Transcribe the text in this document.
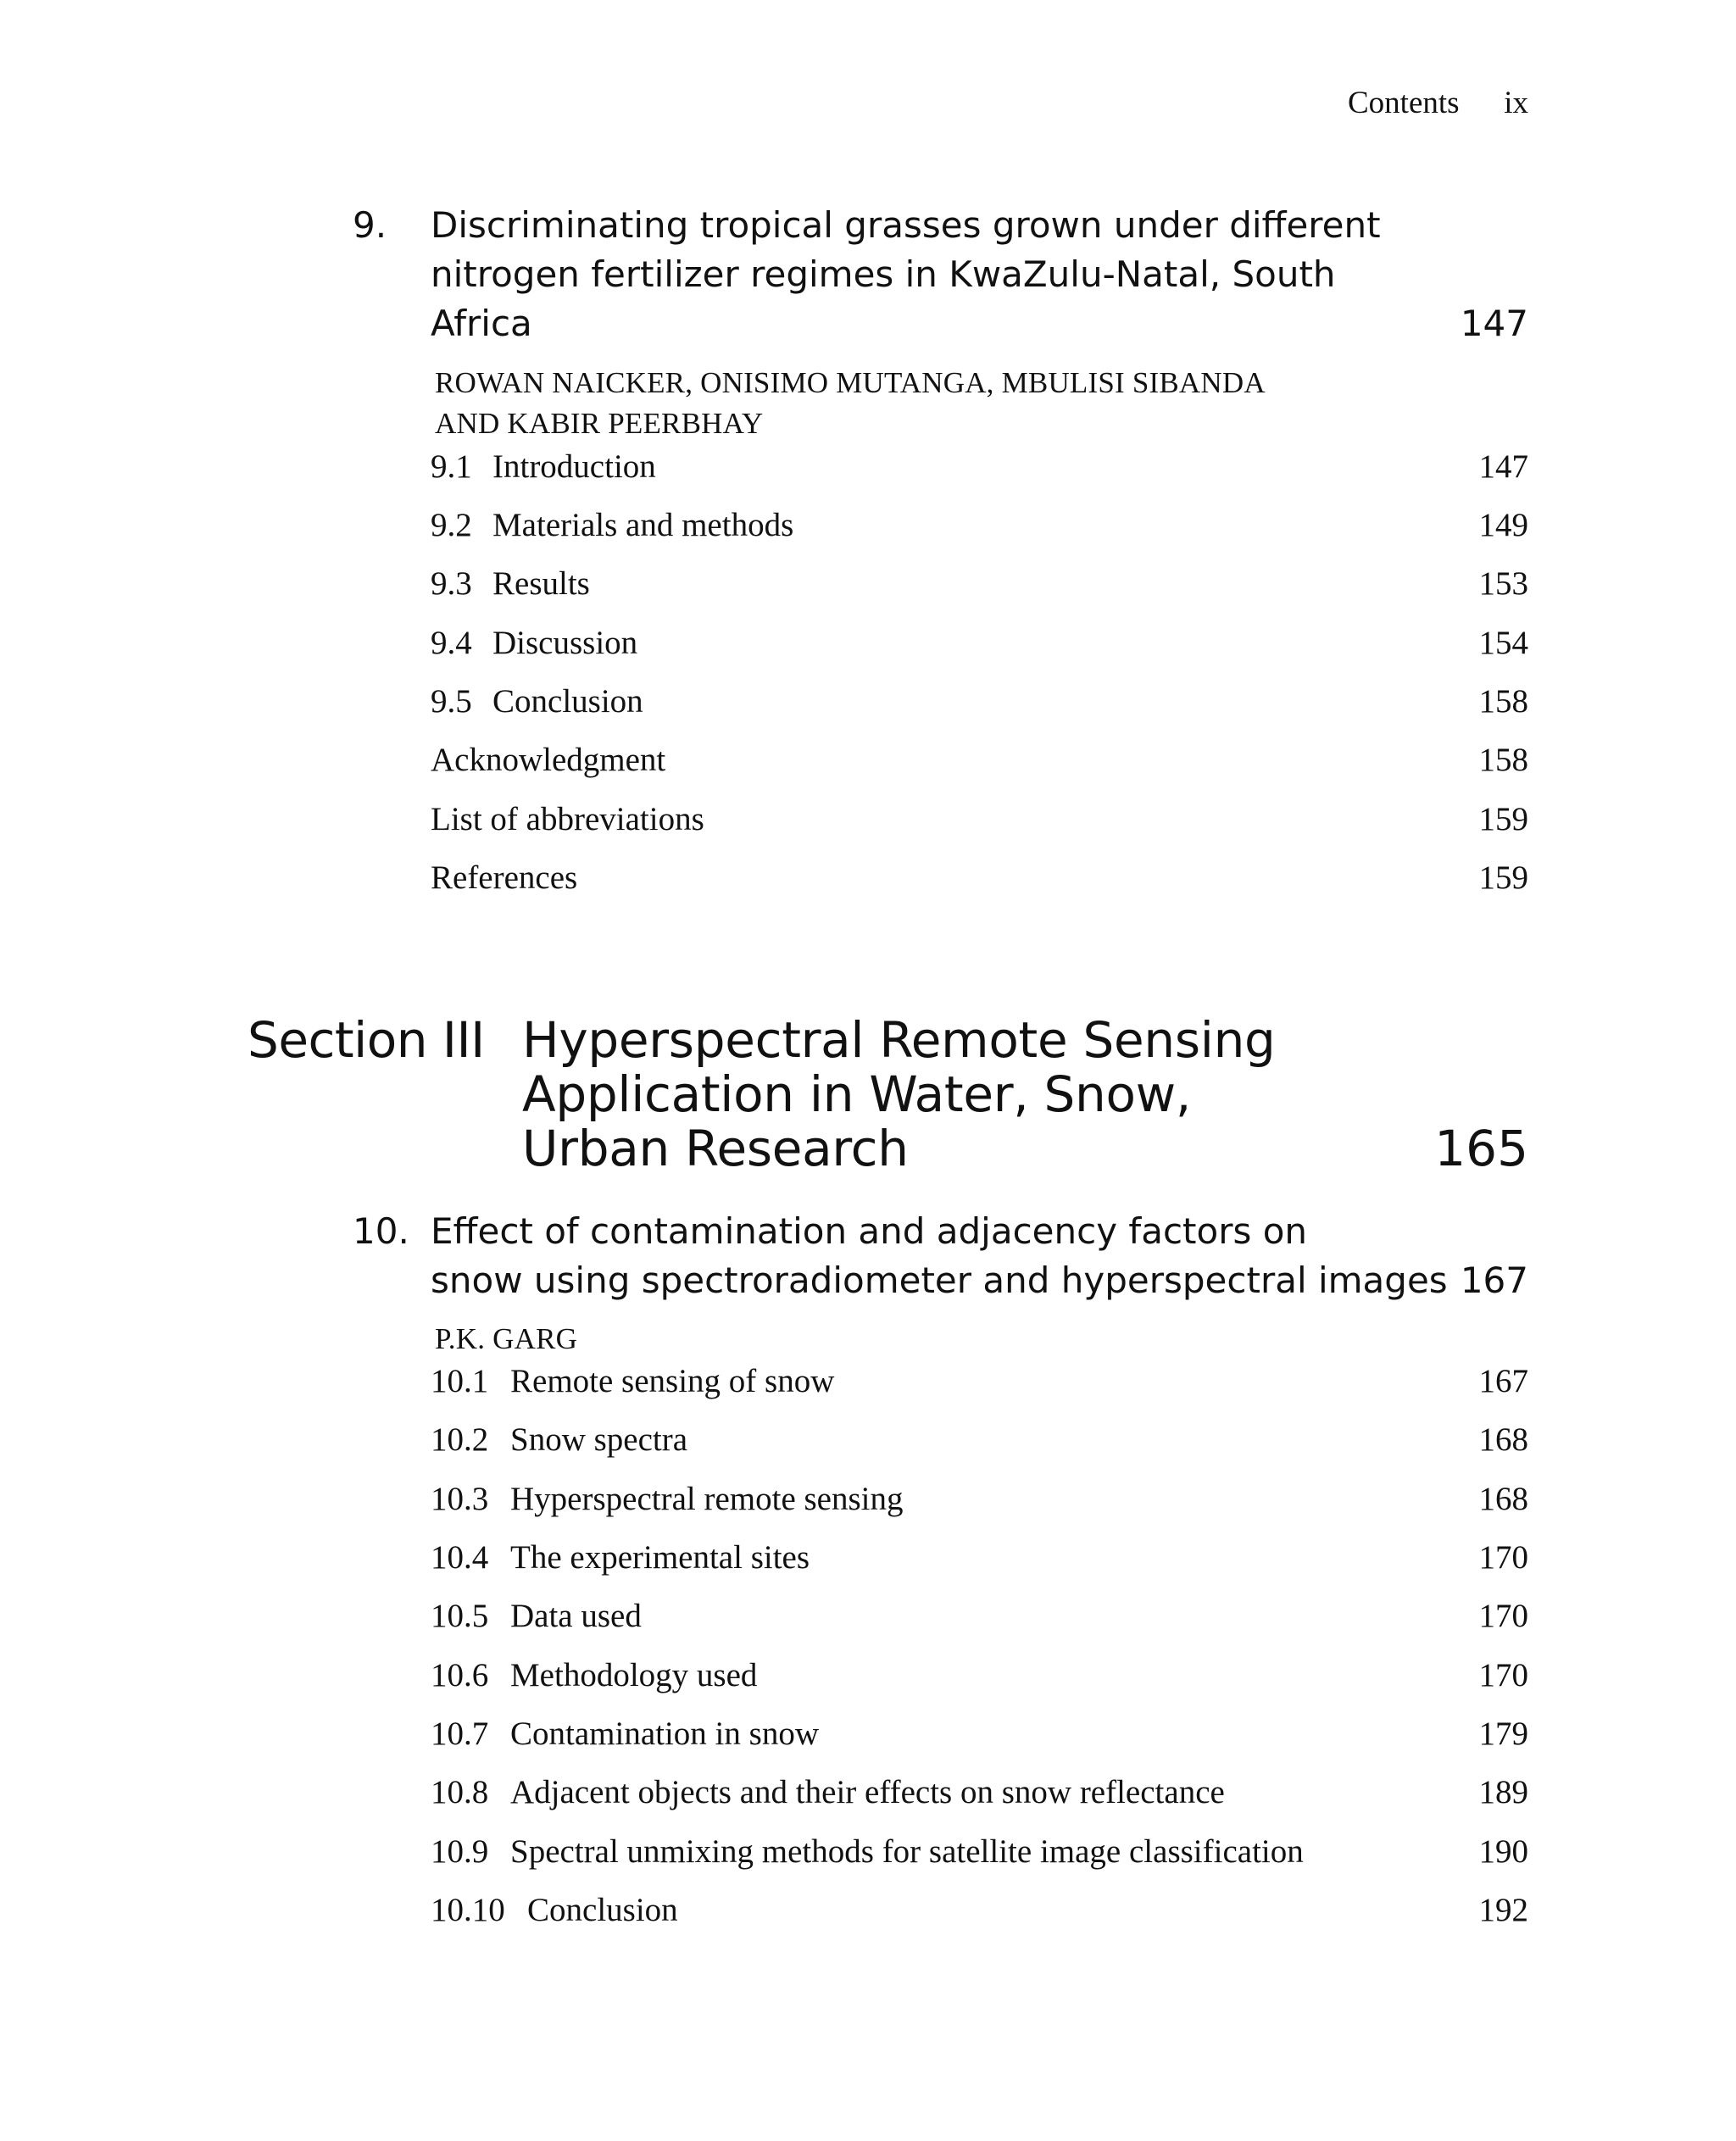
Contents ix
9. Discriminating tropical grasses grown under different
nitrogen fertilizer regimes in KwaZulu-Natal, South
Africa	147
ROWAN NAICKER, ONISIMO MUTANGA, MBULISI SIBANDA
AND KABIR PEERBHAY
9.1 Introduction	147
9.2 Materials and methods	149
9.3 Results	153
9.4 Discussion	154
9.5 Conclusion	158
Acknowledgment	158
List of abbreviations	159
References	159
Section III Hyperspectral Remote Sensing
Application in Water, Snow,
Urban Research	165
10. Effect of contamination and adjacency factors on
snow using spectroradiometer and hyperspectral images 167
P.K. GARG
10.1 Remote sensing of snow	167
10.2 Snow spectra	168
10.3 Hyperspectral remote sensing	168
10.4 The experimental sites	170
10.5 Data used	170
10.6 Methodology used	170
10.7 Contamination in snow	179
10.8 Adjacent objects and their effects on snow reflectance	189
10.9 Spectral unmixing methods for satellite image classification	190
10.10 Conclusion	192
